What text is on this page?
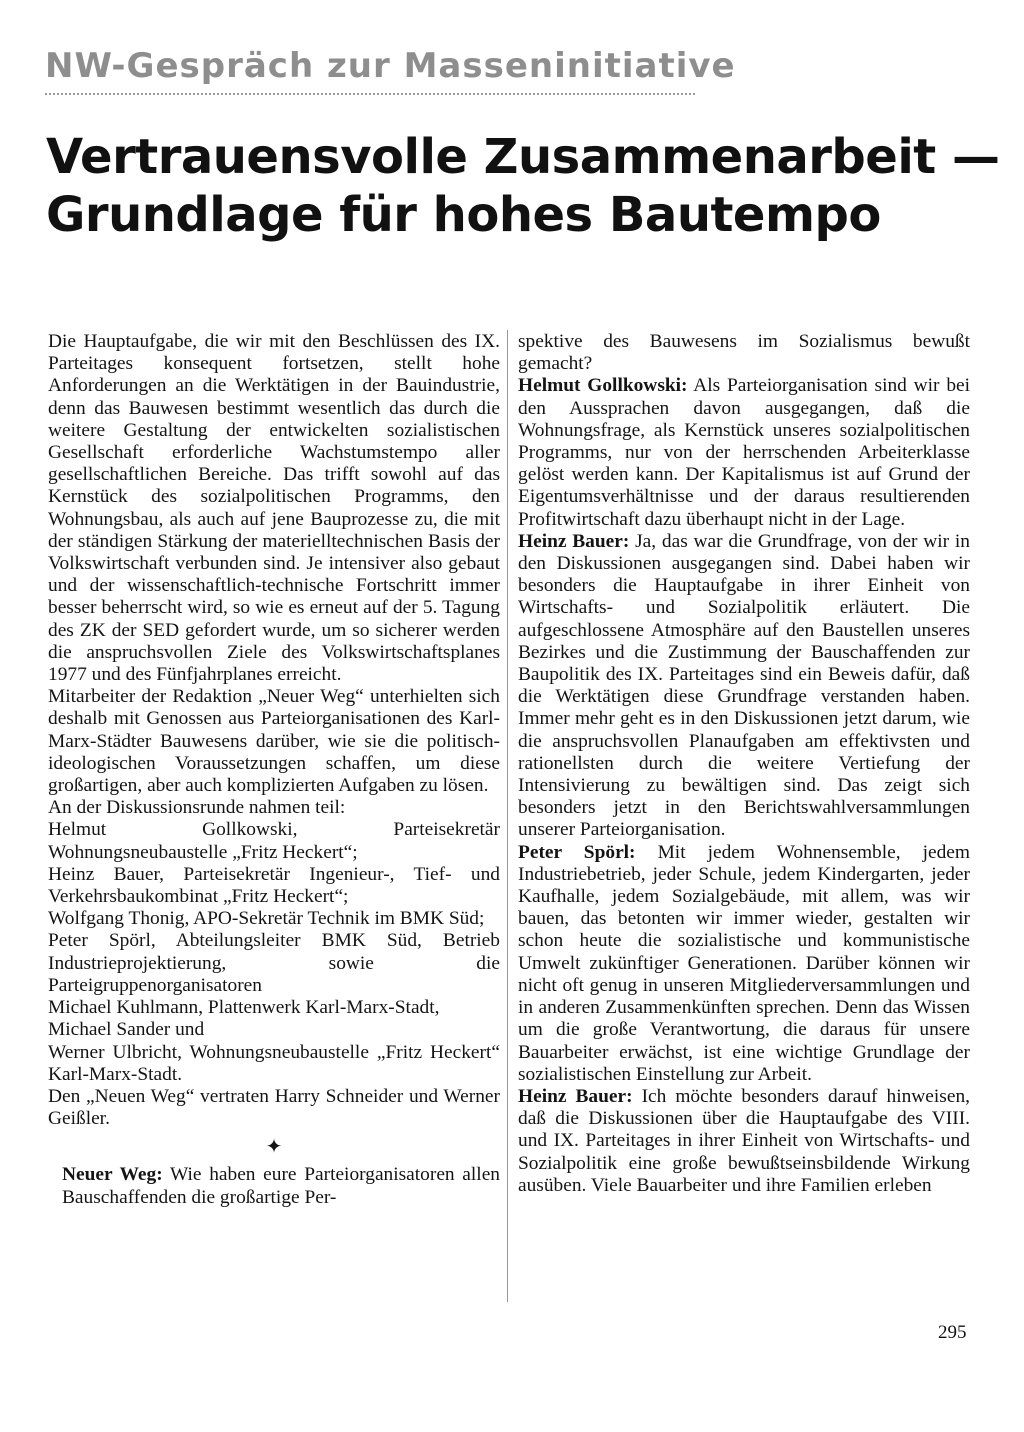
NW-Gespräch zur Masseninitiative
Vertrauensvolle Zusammenarbeit —
Grundlage für hohes Bautempo

Die Hauptaufgabe, die wir mit den Beschlüssen des IX. Parteitages konsequent fortsetzen, stellt hohe Anforderungen an die Werktätigen in der Bauindustrie, denn das Bauwesen bestimmt wesentlich das durch die weitere Gestaltung der entwickelten sozialistischen Gesellschaft erforderliche Wachstumstempo aller gesellschaftlichen Bereiche. Das trifft sowohl auf das Kernstück des sozialpolitischen Programms, den Wohnungsbau, als auch auf jene Bauprozesse zu, die mit der ständigen Stärkung der materielltechnischen Basis der Volkswirtschaft verbunden sind. Je intensiver also gebaut und der wissenschaftlich-technische Fortschritt immer besser beherrscht wird, so wie es erneut auf der 5. Tagung des ZK der SED gefordert wurde, um so sicherer werden die anspruchsvollen Ziele des Volkswirtschaftsplanes 1977 und des Fünfjahrplanes erreicht.

Mitarbeiter der Redaktion „Neuer Weg“ unterhielten sich deshalb mit Genossen aus Parteiorganisationen des Karl-Marx-Städter Bauwesens darüber, wie sie die politisch-ideologischen Voraussetzungen schaffen, um diese großartigen, aber auch komplizierten Aufgaben zu lösen.

An der Diskussionsrunde nahmen teil:

Helmut Gollkowski, Parteisekretär Wohnungsneubaustelle „Fritz Heckert“;

Heinz Bauer, Parteisekretär Ingenieur-, Tief- und Verkehrsbaukombinat „Fritz Heckert“;

Wolfgang Thonig, APO-Sekretär Technik im BMK Süd;

Peter Spörl, Abteilungsleiter BMK Süd, Betrieb Industrieprojektierung, sowie die Parteigruppenorganisatoren

Michael Kuhlmann, Plattenwerk Karl-Marx-Stadt,

Michael Sander und

Werner Ulbricht, Wohnungsneubaustelle „Fritz Heckert“ Karl-Marx-Stadt.

Den „Neuen Weg“ vertraten Harry Schneider und Werner Geißler.

✦

Neuer Weg: Wie haben eure Parteiorganisatoren allen Bauschaffenden die großartige Per-

spektive des Bauwesens im Sozialismus bewußt gemacht?

Helmut Gollkowski: Als Parteiorganisation sind wir bei den Aussprachen davon ausgegangen, daß die Wohnungsfrage, als Kernstück unseres sozialpolitischen Programms, nur von der herrschenden Arbeiterklasse gelöst werden kann. Der Kapitalismus ist auf Grund der Eigentumsverhältnisse und der daraus resultierenden Profitwirtschaft dazu überhaupt nicht in der Lage.

Heinz Bauer: Ja, das war die Grundfrage, von der wir in den Diskussionen ausgegangen sind. Dabei haben wir besonders die Hauptaufgabe in ihrer Einheit von Wirtschafts- und Sozialpolitik erläutert. Die aufgeschlossene Atmosphäre auf den Baustellen unseres Bezirkes und die Zustimmung der Bauschaffenden zur Baupolitik des IX. Parteitages sind ein Beweis dafür, daß die Werktätigen diese Grundfrage verstanden haben. Immer mehr geht es in den Diskussionen jetzt darum, wie die anspruchsvollen Planaufgaben am effektivsten und rationellsten durch die weitere Vertiefung der Intensivierung zu bewältigen sind. Das zeigt sich besonders jetzt in den Berichtswahlversammlungen unserer Parteiorganisation.

Peter Spörl: Mit jedem Wohnensemble, jedem Industriebetrieb, jeder Schule, jedem Kindergarten, jeder Kaufhalle, jedem Sozialgebäude, mit allem, was wir bauen, das betonten wir immer wieder, gestalten wir schon heute die sozialistische und kommunistische Umwelt zukünftiger Generationen. Darüber können wir nicht oft genug in unseren Mitgliederversammlungen und in anderen Zusammenkünften sprechen. Denn das Wissen um die große Verantwortung, die daraus für unsere Bauarbeiter erwächst, ist eine wichtige Grundlage der sozialistischen Einstellung zur Arbeit.

Heinz Bauer: Ich möchte besonders darauf hinweisen, daß die Diskussionen über die Hauptaufgabe des VIII. und IX. Parteitages in ihrer Einheit von Wirtschafts- und Sozialpolitik eine große bewußtseinsbildende Wirkung ausüben. Viele Bauarbeiter und ihre Familien erleben

295
